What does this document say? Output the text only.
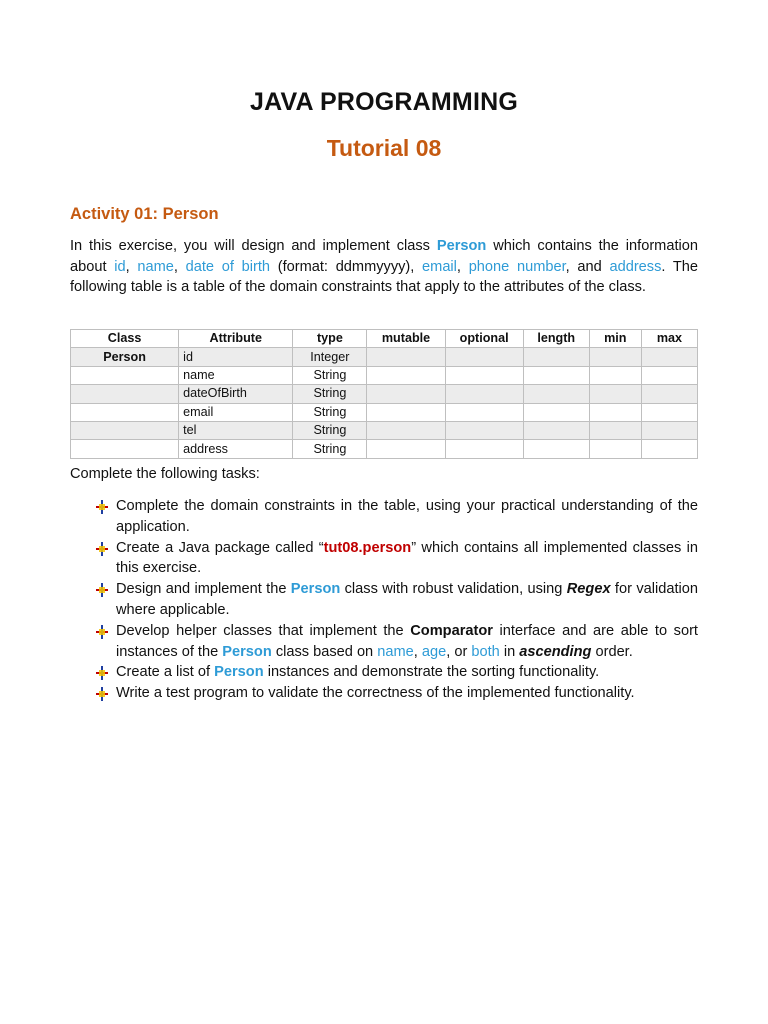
JAVA PROGRAMMING
Tutorial 08
Activity 01: Person
In this exercise, you will design and implement class Person which contains the information about id, name, date of birth (format: ddmmyyyy), email, phone number, and address. The following table is a table of the domain constraints that apply to the attributes of the class.
Class	Attribute	type	mutable	optional	length	min	max
Person	id	Integer					
	name	String					
	dateOfBirth	String					
	email	String					
	tel	String					
	address	String					
Complete the following tasks:
Complete the domain constraints in the table, using your practical understanding of the application.
Create a Java package called “tut08.person” which contains all implemented classes in this exercise.
Design and implement the Person class with robust validation, using Regex for validation where applicable.
Develop helper classes that implement the Comparator interface and are able to sort instances of the Person class based on name, age, or both in ascending order.
Create a list of Person instances and demonstrate the sorting functionality.
Write a test program to validate the correctness of the implemented functionality.
